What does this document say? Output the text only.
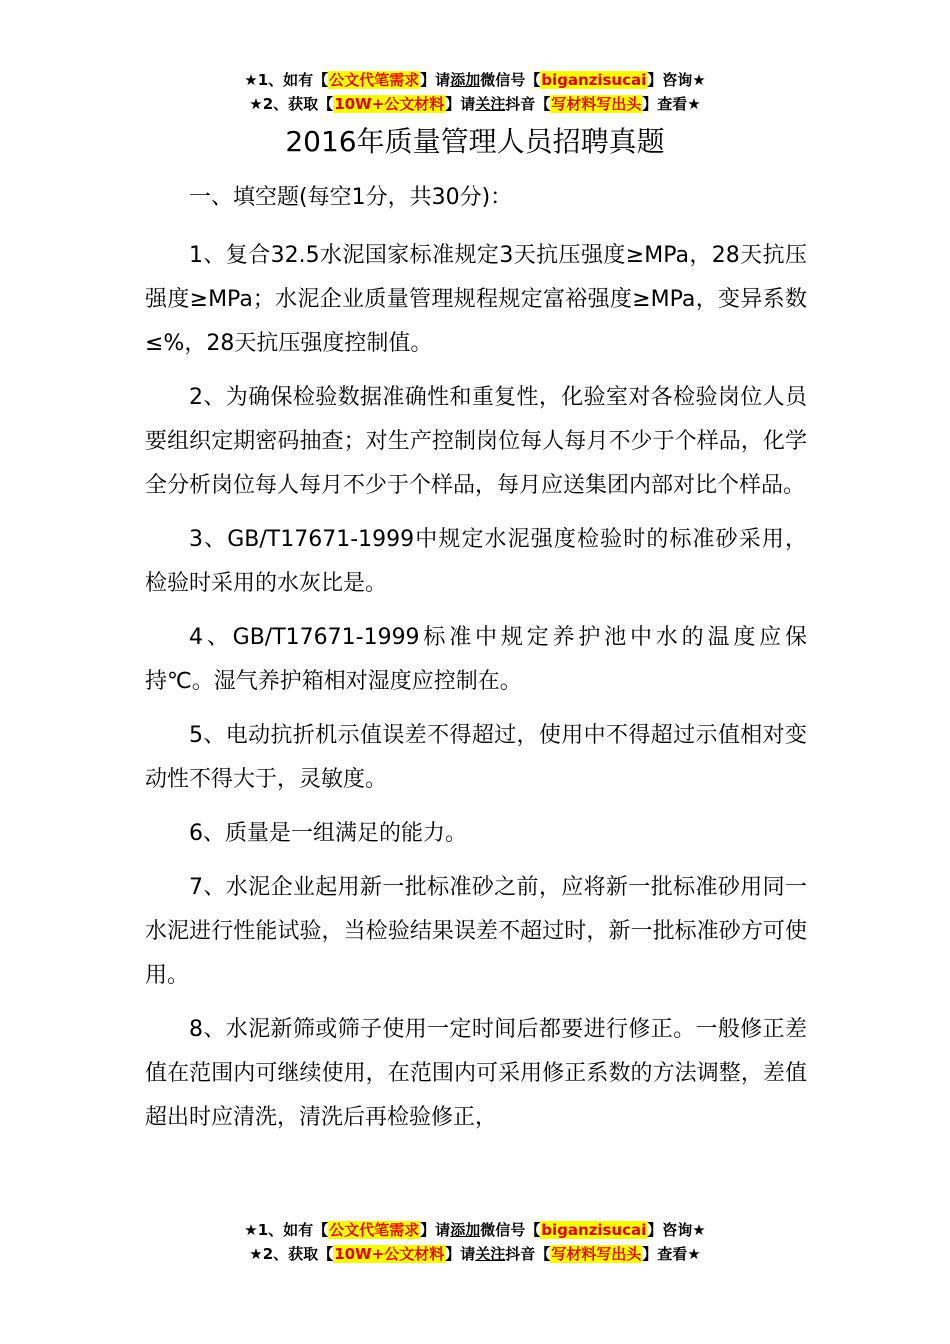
★1、如有【公文代笔需求】请添加微信号【biganzisucai】咨询★
★2、获取【10W+公文材料】请关注抖音【写材料写出头】查看★
2016年质量管理人员招聘真题

一、填空题(每空1分，共30分)：

1、复合32.5水泥国家标准规定3天抗压强度≥MPa，28天抗压强度≥MPa；水泥企业质量管理规程规定富裕强度≥MPa，变异系数≤%，28天抗压强度控制值。

2、为确保检验数据准确性和重复性，化验室对各检验岗位人员要组织定期密码抽查；对生产控制岗位每人每月不少于个样品，化学全分析岗位每人每月不少于个样品，每月应送集团内部对比个样品。

3、GB/T17671-1999中规定水泥强度检验时的标准砂采用，检验时采用的水灰比是。

4、GB/T17671-1999标准中规定养护池中水的温度应保持℃。湿气养护箱相对湿度应控制在。

5、电动抗折机示值误差不得超过，使用中不得超过示值相对变动性不得大于，灵敏度。

6、质量是一组满足的能力。

7、水泥企业起用新一批标准砂之前，应将新一批标准砂用同一水泥进行性能试验，当检验结果误差不超过时，新一批标准砂方可使用。

8、水泥新筛或筛子使用一定时间后都要进行修正。一般修正差值在范围内可继续使用，在范围内可采用修正系数的方法调整，差值超出时应清洗，清洗后再检验修正，

★1、如有【公文代笔需求】请添加微信号【biganzisucai】咨询★
★2、获取【10W+公文材料】请关注抖音【写材料写出头】查看★
